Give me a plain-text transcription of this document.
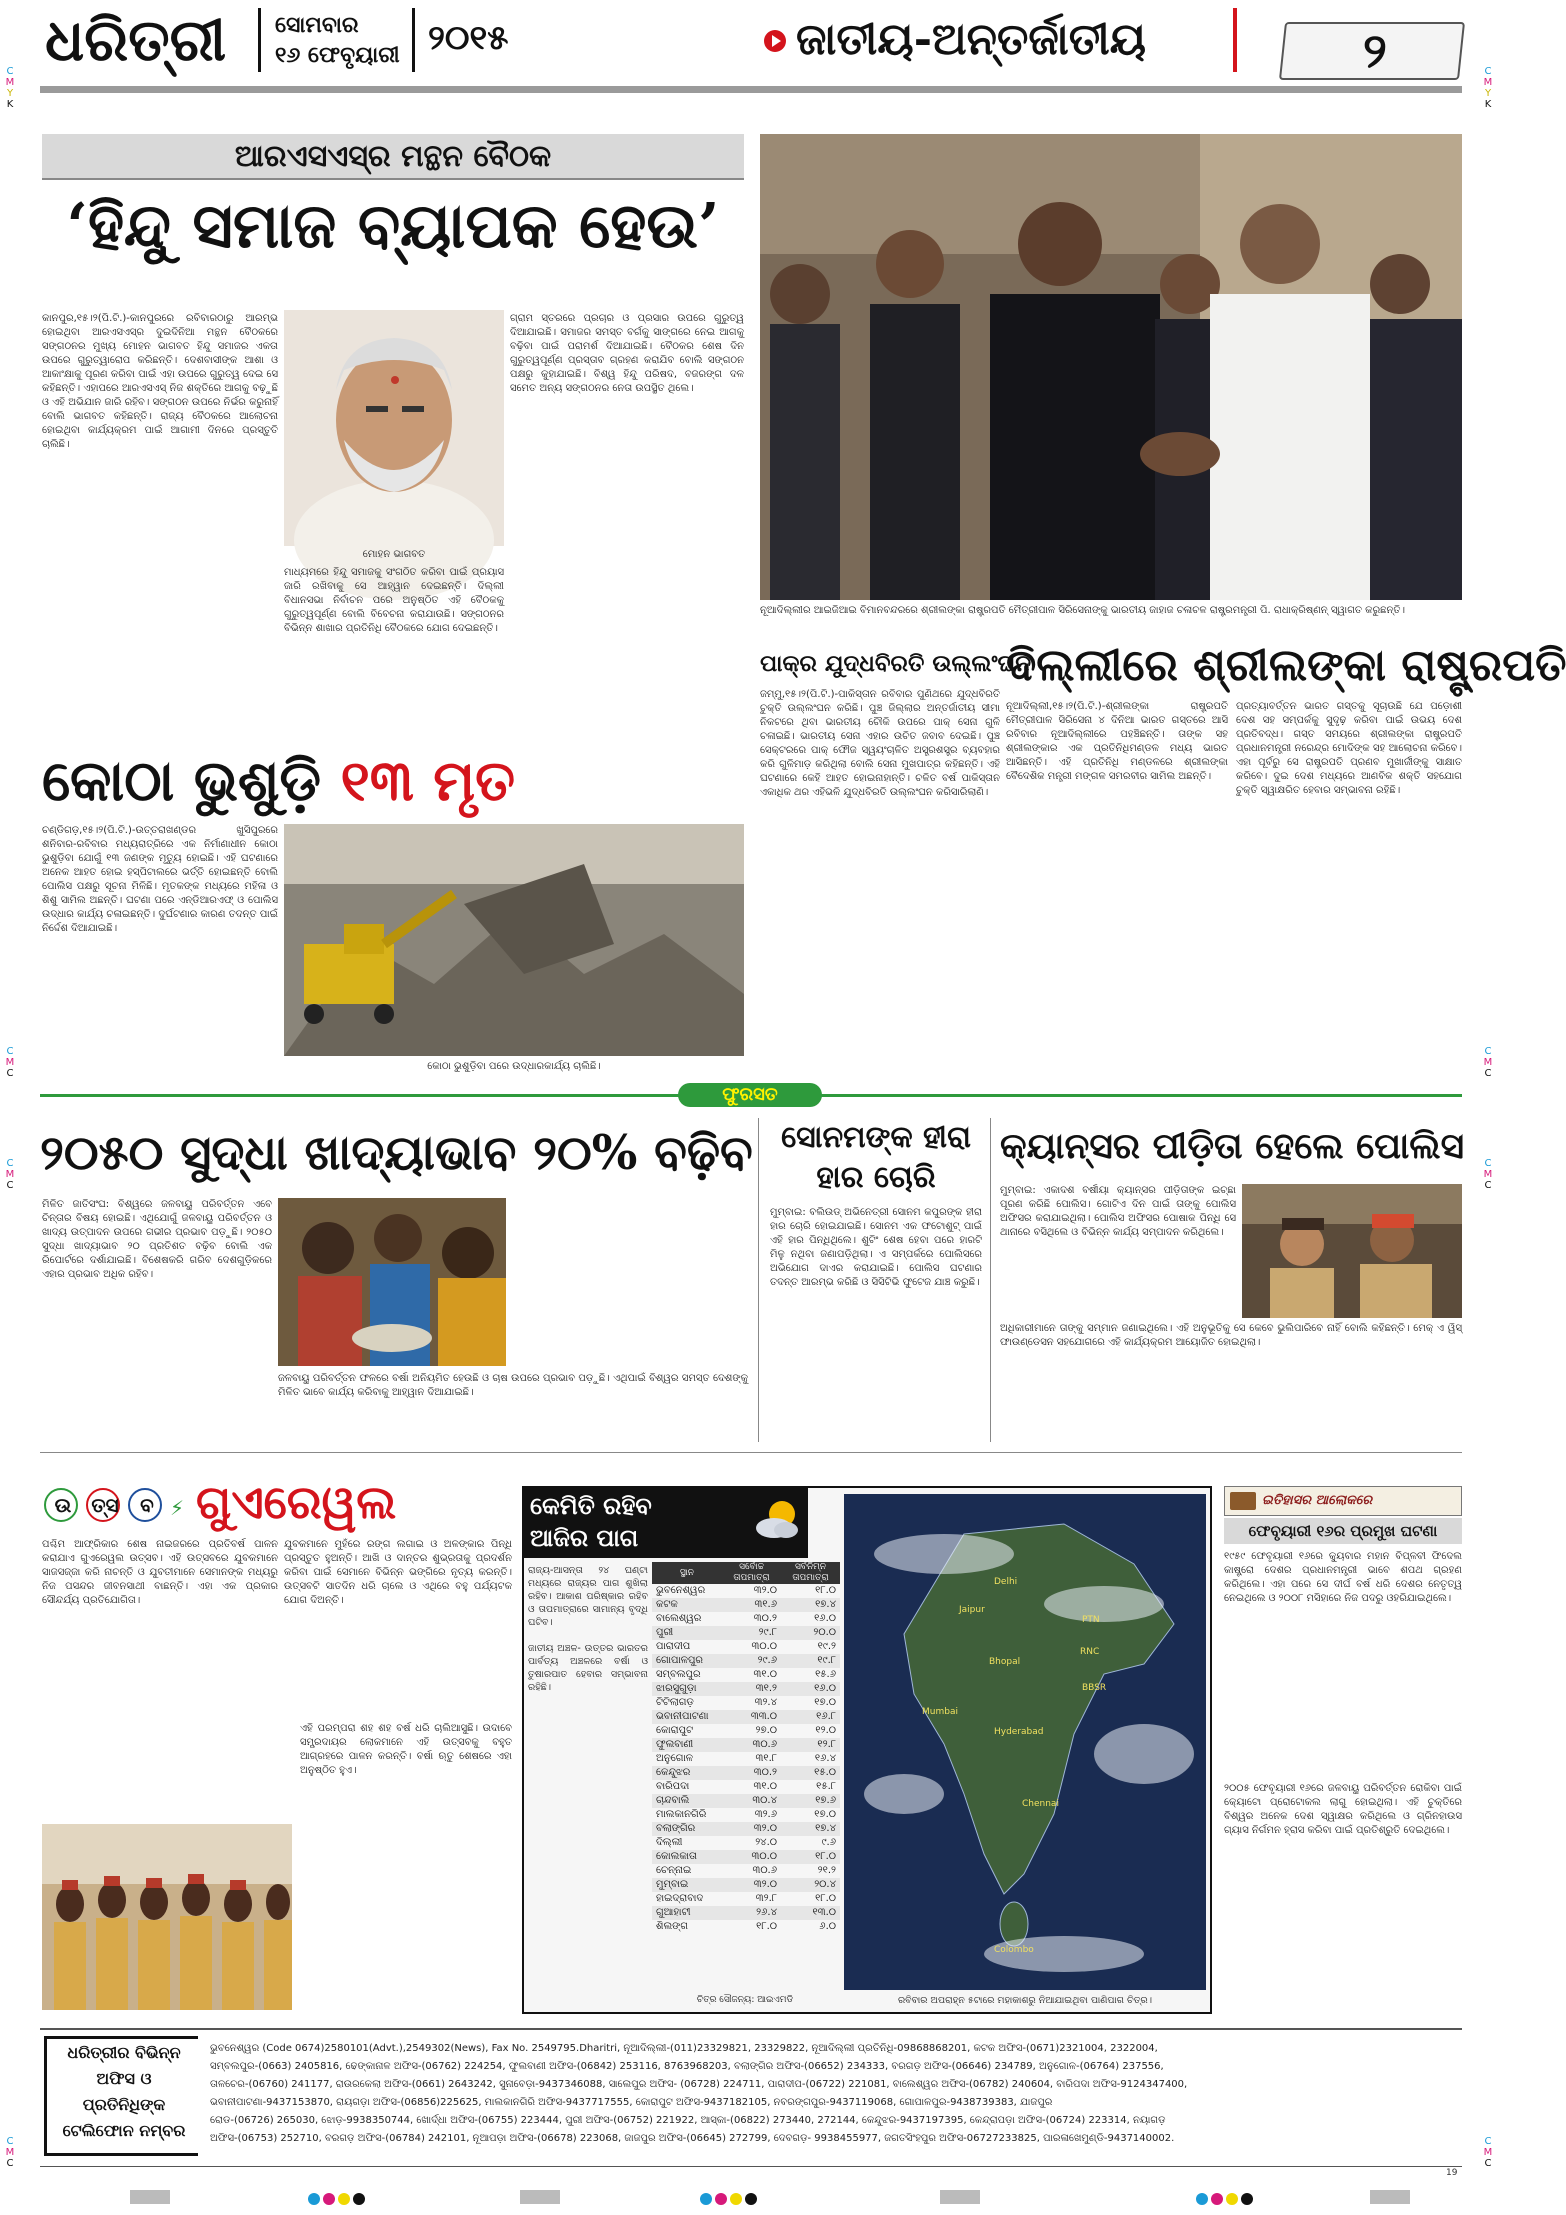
ଧରିତ୍ରୀ ସୋମବାର
୧୬ ଫେବୃୟାରୀ ୨୦୧୫	ଜାତୀୟ-ଅନ୍ତର୍ଜାତୀୟ	୨
C
M
Y
K
C
M
Y
K
C
M
C
C
M
C
C
M
C
C
M
C
C
M
C
C
M
C
ଆରଏସଏସ୍‌ର ମନ୍ଥନ ବୈଠକ
‘ହିନ୍ଦୁ ସମାଜ ବ୍ୟାପକ ହେଉ’
କାନପୁର,୧୫।୨(ପି.ଟି.)-କାନପୁରରେ ରବିବାରଠାରୁ ଆରମ୍ଭ ହୋଇଥିବା ଆରଏସଏସ୍‌ର ଦୁଇଦିନିଆ ମନ୍ଥନ ବୈଠକରେ ସଙ୍ଗଠନର ମୁଖ୍ୟ ମୋହନ ଭାଗବତ ହିନ୍ଦୁ ସମାଜର ଏକତା ଉପରେ ଗୁରୁତ୍ୱାରୋପ କରିଛନ୍ତି। ଦେଶବାସୀଙ୍କ ଆଶା ଓ ଆକାଂକ୍ଷାକୁ ପୂରଣ କରିବା ପାଇଁ ଏହା ଉପରେ ଗୁରୁତ୍ୱ ଦେଇ ସେ କହିଛନ୍ତି। ଏହାପରେ ଆରଏସଏସ୍ ନିଜ ଶକ୍ତିରେ ଆଗକୁ ବଢ଼ୁଛି ଓ ଏହି ଅଭିଯାନ ଜାରି ରହିବ। ସଙ୍ଗଠନ ଉପରେ ନିର୍ଭର କରୁନାହିଁ ବୋଲି ଭାଗବତ କହିଛନ୍ତି। ରାଜ୍ୟ ବୈଠକରେ ଆଲୋଚନା ହୋଇଥିବା କାର୍ଯ୍ୟକ୍ରମ ପାଇଁ ଆଗାମୀ ଦିନରେ ପ୍ରସ୍ତୁତି ଚାଲିଛି।
ମୋହନ ଭାଗବତ
ମାଧ୍ୟମରେ ହିନ୍ଦୁ ସମାଜକୁ ସଂଗଠିତ କରିବା ପାଇଁ ପ୍ରୟାସ ଜାରି ରଖିବାକୁ ସେ ଆହ୍ୱାନ ଦେଇଛନ୍ତି। ଦିଲ୍ଲୀ ବିଧାନସଭା ନିର୍ବାଚନ ପରେ ଅନୁଷ୍ଠିତ ଏହି ବୈଠକକୁ ଗୁରୁତ୍ୱପୂର୍ଣ୍ଣ ବୋଲି ବିବେଚନା କରାଯାଉଛି। ସଙ୍ଗଠନର ବିଭିନ୍ନ ଶାଖାର ପ୍ରତିନିଧି ବୈଠକରେ ଯୋଗ ଦେଇଛନ୍ତି।
ଗ୍ରାମ ସ୍ତରରେ ପ୍ରଚାର ଓ ପ୍ରସାର ଉପରେ ଗୁରୁତ୍ୱ ଦିଆଯାଇଛି। ସମାଜର ସମସ୍ତ ବର୍ଗକୁ ସାଙ୍ଗରେ ନେଇ ଆଗକୁ ବଢ଼ିବା ପାଇଁ ପରାମର୍ଶ ଦିଆଯାଇଛି। ବୈଠକର ଶେଷ ଦିନ ଗୁରୁତ୍ୱପୂର୍ଣ୍ଣ ପ୍ରସ୍ତାବ ଗ୍ରହଣ କରାଯିବ ବୋଲି ସଙ୍ଗଠନ ପକ୍ଷରୁ କୁହାଯାଇଛି। ବିଶ୍ୱ ହିନ୍ଦୁ ପରିଷଦ, ବଜରଙ୍ଗ ଦଳ ସମେତ ଅନ୍ୟ ସଙ୍ଗଠନର ନେତା ଉପସ୍ଥିତ ଥିଲେ।
ନୂଆଦିଲ୍ଲୀର ଆଇଜିଆଇ ବିମାନବନ୍ଦରରେ ଶ୍ରୀଲଙ୍କା ରାଷ୍ଟ୍ରପତି ମୈତ୍ରୀପାଳ ସିରିସେନାଙ୍କୁ ଭାରତୀୟ ଜାହାଜ ଚଳାଚଳ ରାଷ୍ଟ୍ରମନ୍ତ୍ରୀ ପି. ରାଧାକ୍ରିଷ୍ଣନ୍ ସ୍ୱାଗତ କରୁଛନ୍ତି।
ପାକ୍‌ର ଯୁଦ୍ଧବିରତି ଉଲ୍ଲଂଘନ
ଜମ୍ମୁ,୧୫।୨(ପି.ଟି.)-ପାକିସ୍ତାନ ରବିବାର ପୁଣିଥରେ ଯୁଦ୍ଧବିରତି ଚୁକ୍ତି ଉଲ୍ଲଂଘନ କରିଛି। ପୁଞ୍ଚ ଜିଲ୍ଲାର ଅନ୍ତର୍ଜାତୀୟ ସୀମା ନିକଟରେ ଥିବା ଭାରତୀୟ ଚୌକି ଉପରେ ପାକ୍ ସେନା ଗୁଳି ଚଳାଇଛି। ଭାରତୀୟ ସେନା ଏହାର ଉଚିତ ଜବାବ ଦେଇଛି। ପୁଞ୍ଚ ସେକ୍ଟରରେ ପାକ୍ ଫୌଜ ସ୍ୱୟଂଚାଳିତ ଅସ୍ତ୍ରଶସ୍ତ୍ର ବ୍ୟବହାର କରି ଗୁଳିମାଡ଼ କରିଥିଲା ବୋଲି ସେନା ମୁଖପାତ୍ର କହିଛନ୍ତି। ଏହି ଘଟଣାରେ କେହି ଆହତ ହୋଇନାହାନ୍ତି। ଚଳିତ ବର୍ଷ ପାକିସ୍ତାନ ଏକାଧିକ ଥର ଏହିଭଳି ଯୁଦ୍ଧବିରତି ଉଲ୍ଲଂଘନ କରିସାରିଲାଣି।
ଦିଲ୍ଲୀରେ ଶ୍ରୀଲଙ୍କା ରାଷ୍ଟ୍ରପତି
ନୂଆଦିଲ୍ଲୀ,୧୫।୨(ପି.ଟି.)-ଶ୍ରୀଲଙ୍କା ରାଷ୍ଟ୍ରପତି ମୈତ୍ରୀପାଳ ସିରିସେନା ୪ ଦିନିଆ ଭାରତ ଗସ୍ତରେ ଆସି ରବିବାର ନୂଆଦିଲ୍ଲୀରେ ପହଞ୍ଚିଛନ୍ତି। ତାଙ୍କ ସହ ଶ୍ରୀଲଙ୍କାର ଏକ ପ୍ରତିନିଧିମଣ୍ଡଳ ମଧ୍ୟ ଭାରତ ଆସିଛନ୍ତି। ଏହି ପ୍ରତିନିଧି ମଣ୍ଡଳରେ ଶ୍ରୀଲଙ୍କା ବୈଦେଶିକ ମନ୍ତ୍ରୀ ମଙ୍ଗଳ ସମରବୀର ସାମିଲ ଅଛନ୍ତି।
ପ୍ରତ୍ୟାବର୍ତ୍ତନ ଭାରତ ଗସ୍ତକୁ ସୂଚାଉଛି ଯେ ପଡ଼ୋଶୀ ଦେଶ ସହ ସମ୍ପର୍କକୁ ସୁଦୃଢ଼ କରିବା ପାଇଁ ଉଭୟ ଦେଶ ପ୍ରତିବଦ୍ଧ। ଗସ୍ତ ସମୟରେ ଶ୍ରୀଲଙ୍କା ରାଷ୍ଟ୍ରପତି ପ୍ରଧାନମନ୍ତ୍ରୀ ନରେନ୍ଦ୍ର ମୋଦିଙ୍କ ସହ ଆଲୋଚନା କରିବେ। ଏହା ପୂର୍ବରୁ ସେ ରାଷ୍ଟ୍ରପତି ପ୍ରଣବ ମୁଖାର୍ଜୀଙ୍କୁ ସାକ୍ଷାତ କରିବେ। ଦୁଇ ଦେଶ ମଧ୍ୟରେ ଆଣବିକ ଶକ୍ତି ସହଯୋଗ ଚୁକ୍ତି ସ୍ୱାକ୍ଷରିତ ହେବାର ସମ୍ଭାବନା ରହିଛି।
କୋଠା ଭୁଶୁଡ଼ି ୧୩ ମୃତ
ଚଣ୍ଡିଗଡ଼,୧୫।୨(ପି.ଟି.)-ଉତ୍ତରାଖଣ୍ଡର ଖୁସିପୁରରେ ଶନିବାର-ରବିବାର ମଧ୍ୟରାତ୍ରିରେ ଏକ ନିର୍ମାଣାଧୀନ କୋଠା ଭୁଶୁଡ଼ିବା ଯୋଗୁଁ ୧୩ ଜଣଙ୍କ ମୃତ୍ୟୁ ହୋଇଛି। ଏହି ଘଟଣାରେ ଅନେକ ଆହତ ହୋଇ ହସ୍ପିଟାଲରେ ଭର୍ତ୍ତି ହୋଇଛନ୍ତି ବୋଲି ପୋଲିସ ପକ୍ଷରୁ ସୂଚନା ମିଳିଛି। ମୃତକଙ୍କ ମଧ୍ୟରେ ମହିଳା ଓ ଶିଶୁ ସାମିଲ ଅଛନ୍ତି। ଘଟଣା ପରେ ଏନ୍‌ଡିଆରଏଫ୍ ଓ ପୋଲିସ ଉଦ୍ଧାର କାର୍ଯ୍ୟ ଚଳାଇଛନ୍ତି। ଦୁର୍ଘଟଣାର କାରଣ ତଦନ୍ତ ପାଇଁ ନିର୍ଦ୍ଦେଶ ଦିଆଯାଇଛି।
କୋଠା ଭୁଶୁଡ଼ିବା ପରେ ଉଦ୍ଧାରକାର୍ଯ୍ୟ ଚାଲିଛି।
ଫୁରସତ
୨୦୫୦ ସୁଦ୍ଧା ଖାଦ୍ୟାଭାବ ୨୦% ବଢ଼ିବ
ମିଳିତ ଜାତିସଂଘ: ବିଶ୍ୱରେ ଜଳବାୟୁ ପରିବର୍ତ୍ତନ ଏବେ ଚିନ୍ତାର ବିଷୟ ହୋଇଛି। ଏଥିଯୋଗୁଁ ଜଳବାୟୁ ପରିବର୍ତ୍ତନ ଓ ଖାଦ୍ୟ ଉତ୍ପାଦନ ଉପରେ ଗଭୀର ପ୍ରଭାବ ପଡ଼ୁଛି। ୨୦୫୦ ସୁଦ୍ଧା ଖାଦ୍ୟାଭାବ ୨୦ ପ୍ରତିଶତ ବଢ଼ିବ ବୋଲି ଏକ ରିପୋର୍ଟରେ ଦର୍ଶାଯାଇଛି। ବିଶେଷକରି ଗରିବ ଦେଶଗୁଡ଼ିକରେ ଏହାର ପ୍ରଭାବ ଅଧିକ ରହିବ।
ଜଳବାୟୁ ପରିବର୍ତ୍ତନ ଫଳରେ ବର୍ଷା ଅନିୟମିତ ହେଉଛି ଓ ଚାଷ ଉପରେ ପ୍ରଭାବ ପଡ଼ୁଛି। ଏଥିପାଇଁ ବିଶ୍ୱର ସମସ୍ତ ଦେଶଙ୍କୁ ମିଳିତ ଭାବେ କାର୍ଯ୍ୟ କରିବାକୁ ଆହ୍ୱାନ ଦିଆଯାଇଛି।
ସୋନମଙ୍କ ହୀରା ହାର ଚୋରି
ମୁମ୍ବାଇ: ବଲିଉଡ୍ ଅଭିନେତ୍ରୀ ସୋନମ କପୁରଙ୍କ ହୀରା ହାର ଚୋରି ହୋଇଯାଇଛି। ସୋନମ ଏକ ଫଟୋଶୁଟ୍ ପାଇଁ ଏହି ହାର ପିନ୍ଧିଥିଲେ। ଶୁଟିଂ ଶେଷ ହେବା ପରେ ହାରଟି ମିଳୁ ନଥିବା ଜଣାପଡ଼ିଥିଲା। ଏ ସମ୍ପର୍କରେ ପୋଲିସରେ ଅଭିଯୋଗ ଦାଏର କରାଯାଇଛି। ପୋଲିସ ଘଟଣାର ତଦନ୍ତ ଆରମ୍ଭ କରିଛି ଓ ସିସିଟିଭି ଫୁଟେଜ ଯାଞ୍ଚ କରୁଛି।
କ୍ୟାନ୍‌ସର ପୀଡ଼ିତା ହେଲେ ପୋଲିସ
ମୁମ୍ବାଇ: ଏକାଦଶ ବର୍ଷୀୟା କ୍ୟାନ୍‌ସର ପୀଡ଼ିତାଙ୍କ ଇଚ୍ଛା ପୂରଣ କରିଛି ପୋଲିସ। ଗୋଟିଏ ଦିନ ପାଇଁ ତାଙ୍କୁ ପୋଲିସ ଅଫିସର କରାଯାଇଥିଲା। ପୋଲିସ ଅଫିସର ପୋଷାକ ପିନ୍ଧି ସେ ଥାନାରେ ବସିଥିଲେ ଓ ବିଭିନ୍ନ କାର୍ଯ୍ୟ ସମ୍ପାଦନ କରିଥିଲେ।
ଅଧିକାରୀମାନେ ତାଙ୍କୁ ସମ୍ମାନ ଜଣାଇଥିଲେ। ଏହି ଅନୁଭୂତିକୁ ସେ କେବେ ଭୁଲିପାରିବେ ନାହିଁ ବୋଲି କହିଛନ୍ତି। ମେକ୍ ଏ ୱିସ୍ ଫାଉଣ୍ଡେସନ ସହଯୋଗରେ ଏହି କାର୍ଯ୍ୟକ୍ରମ ଆୟୋଜିତ ହୋଇଥିଲା।
ଉ	ତ୍ସ	ବ ⚡ ଗୁଏରେୱଲ
ପଶ୍ଚିମ ଆଫ୍ରିକାର ଶେଷ ନାଇଜରରେ ପ୍ରତିବର୍ଷ ପାଳନ କରାଯାଏ ଗୁଏରେୱଲ ଉତ୍ସବ। ଏହି ଉତ୍ସବରେ ଯୁବକମାନେ ସାଜସଜ୍ଜା କରି ନାଚନ୍ତି ଓ ଯୁବତୀମାନେ ସେମାନଙ୍କ ମଧ୍ୟରୁ ନିଜ ପସନ୍ଦର ଜୀବନସାଥୀ ବାଛନ୍ତି। ଏହା ଏକ ପ୍ରକାର ସୌନ୍ଦର୍ଯ୍ୟ ପ୍ରତିଯୋଗିତା।
ଯୁବକମାନେ ମୁହଁରେ ରଙ୍ଗ ଲଗାଇ ଓ ଅଳଙ୍କାର ପିନ୍ଧି ପ୍ରସ୍ତୁତ ହୁଅନ୍ତି। ଆଖି ଓ ଦାନ୍ତର ଶୁଭ୍ରତାକୁ ପ୍ରଦର୍ଶନ କରିବା ପାଇଁ ସେମାନେ ବିଭିନ୍ନ ଭଙ୍ଗିରେ ନୃତ୍ୟ କରନ୍ତି। ଉତ୍ସବଟି ସାତଦିନ ଧରି ଚାଲେ ଓ ଏଥିରେ ବହୁ ପର୍ଯ୍ୟଟକ ଯୋଗ ଦିଅନ୍ତି।
ଏହି ପରମ୍ପରା ଶହ ଶହ ବର୍ଷ ଧରି ଚାଲିଆସୁଛି। ଉଦାବେ ସମ୍ପ୍ରଦାୟର ଲୋକମାନେ ଏହି ଉତ୍ସବକୁ ବହୁତ ଆଗ୍ରହରେ ପାଳନ କରନ୍ତି। ବର୍ଷା ଋତୁ ଶେଷରେ ଏହା ଅନୁଷ୍ଠିତ ହୁଏ।
କେମିତି ରହିବ
ଆଜିର ପାଗ
ରାଜ୍ୟ-ଆସନ୍ତା ୨୪ ଘଣ୍ଟା ମଧ୍ୟରେ ରାଜ୍ୟର ପାଗ ଶୁଖିଲା ରହିବ। ଆକାଶ ପରିଷ୍କାର ରହିବ ଓ ତାପମାତ୍ରାରେ ସାମାନ୍ୟ ବୃଦ୍ଧି ଘଟିବ।

ଜାତୀୟ ଅଞ୍ଚଳ- ଉତ୍ତର ଭାରତର ପାର୍ବତ୍ୟ ଅଞ୍ଚଳରେ ବର୍ଷା ଓ ତୁଷାରପାତ ହେବାର ସମ୍ଭାବନା ରହିଛି।
ସ୍ଥାନ	ସର୍ବୋଚ୍ଚ ତାପମାତ୍ରା	ସର୍ବନିମ୍ନ ତାପମାତ୍ରା
ଭୁବନେଶ୍ୱର	୩୨.୦	୧୮.୦
କଟକ	୩୧.୬	୧୭.୪
ବାଲେଶ୍ୱର	୩୦.୨	୧୬.୦
ପୁରୀ	୨୯.୮	୨୦.୦
ପାରାଦୀପ	୩୦.୦	୧୯.୨
ଗୋପାଳପୁର	୨୯.୬	୧୯.୮
ସମ୍ବଲପୁର	୩୧.୦	୧୫.୬
ଝାରସୁଗୁଡ଼ା	୩୧.୨	୧୬.୦
ଟିଟିଲାଗଡ଼	୩୨.୪	୧୭.୦
ଭବାନୀପାଟଣା	୩୩.୦	୧୬.୮
କୋରାପୁଟ	୨୭.୦	୧୨.୦
ଫୁଲବାଣୀ	୩୦.୬	୧୨.୮
ଅନୁଗୋଳ	୩୧.୮	୧୬.୪
କେନ୍ଦୁଝର	୩୦.୨	୧୫.୦
ବାରିପଦା	୩୧.୦	୧୫.୮
ଚାନ୍ଦବାଲି	୩୦.୪	୧୭.୬
ମାଲକାନଗିରି	୩୨.୬	୧୭.୦
ବଲାଙ୍ଗିର	୩୨.୦	୧୭.୪
ଦିଲ୍ଲୀ	୨୪.୦	୯.୬
କୋଲକାତା	୩୦.୦	୧୮.୦
ଚେନ୍ନାଇ	୩୦.୬	୨୧.୨
ମୁମ୍ବାଇ	୩୨.୦	୨୦.୪
ହାଇଦ୍ରାବାଦ	୩୨.୮	୧୮.୦
ଗୁଆହାଟୀ	୨୬.୪	୧୩.୦
ଶିଲଙ୍ଗ	୧୮.୦	୬.୦
ଚିତ୍ର ସୌଜନ୍ୟ: ଆଇଏମଡି
Delhi
Jaipur
Bhopal
PTN
RNC
Mumbai
Hyderabad
Chennai
Colombo
BBSR
ରବିବାର ଅପରାହ୍ନ ୫ଟାରେ ମହାକାଶରୁ ନିଆଯାଇଥିବା ପାଣିପାଗ ଚିତ୍ର।
ଇତିହାସର ଆଲୋକରେ
ଫେବୃୟାରୀ ୧୬ର ପ୍ରମୁଖ ଘଟଣା
୧୯୫୯ ଫେବୃୟାରୀ ୧୬ରେ କ୍ୟୁବାର ମହାନ ବିପ୍ଳବୀ ଫିଦେଲ କାଷ୍ଟ୍ରୋ ଦେଶର ପ୍ରଧାନମନ୍ତ୍ରୀ ଭାବେ ଶପଥ ଗ୍ରହଣ କରିଥିଲେ। ଏହା ପରେ ସେ ଦୀର୍ଘ ବର୍ଷ ଧରି ଦେଶର ନେତୃତ୍ୱ ନେଇଥିଲେ ଓ ୨୦୦୮ ମସିହାରେ ନିଜ ପଦରୁ ଓହରିଯାଇଥିଲେ।
୨୦୦୫ ଫେବୃୟାରୀ ୧୬ରେ ଜଳବାୟୁ ପରିବର୍ତ୍ତନ ରୋକିବା ପାଇଁ କ୍ୟୋଟୋ ପ୍ରୋଟୋକଲ ଲାଗୁ ହୋଇଥିଲା। ଏହି ଚୁକ୍ତିରେ ବିଶ୍ୱର ଅନେକ ଦେଶ ସ୍ୱାକ୍ଷର କରିଥିଲେ ଓ ଗ୍ରିନହାଉସ ଗ୍ୟାସ ନିର୍ଗମନ ହ୍ରାସ କରିବା ପାଇଁ ପ୍ରତିଶ୍ରୁତି ଦେଇଥିଲେ।
ଧରିତ୍ରୀର ବିଭିନ୍ନ ଅଫିସ ଓ ପ୍ରତିନିଧିଙ୍କ ଟେଲିଫୋନ ନମ୍ବର
ଭୁବନେଶ୍ୱର (Code 0674)2580101(Advt.),2549302(News), Fax No. 2549795.Dharitri, ନୂଆଦିଲ୍ଲୀ-(011)23329821, 23329822, ନୂଆଦିଲ୍ଲୀ ପ୍ରତିନିଧି-09868868201, କଟକ ଅଫିସ-(0671)2321004, 2322004,
ସମ୍ବଲପୁର-(0663) 2405816, ଢେଙ୍କାନାଳ ଅଫିସ-(06762) 224254, ଫୁଲବାଣୀ ଅଫିସ-(06842) 253116, 8763968203, ବଲାଙ୍ଗିର ଅଫିସ-(06652) 234333, ବରଗଡ଼ ଅଫିସ-(06646) 234789, ଅନୁଗୋଳ-(06764) 237556,
ତାଳଚେର-(06760) 241177, ରାଉରକେଲା ଅଫିସ-(0661) 2643242, ସୁନାବେଡ଼ା-9437346088, ସାଲେପୁର ଅଫିସ- (06728) 224711, ପାରାଦୀପ-(06722) 221081, ବାଲେଶ୍ୱର ଅଫିସ-(06782) 240604, ବାରିପଦା ଅଫିସ-9124347400,
ଭବାନୀପାଟଣା-9437153870, ରାୟଗଡ଼ା ଅଫିସ-(06856)225625, ମାଲକାନଗିରି ଅଫିସ-9437717555, କୋରାପୁଟ ଅଫିସ-9437182105, ନବରଙ୍ଗପୁର-9437119068, ଗୋପାଳପୁର-9438739383, ଯାଜପୁର
ରୋଡ-(06726) 265030, ଝୋଡ଼-9938350744, ଖୋର୍ଦ୍ଧା ଅଫିସ-(06755) 223444, ପୁରୀ ଅଫିସ-(06752) 221922, ଆସ୍କା-(06822) 273440, 272144, କେନ୍ଦୁଝର-9437197395, କେନ୍ଦ୍ରାପଡ଼ା ଅଫିସ-(06724) 223314, ନୟାଗଡ଼
ଅଫିସ-(06753) 252710, ବରଗଡ଼ ଅଫିସ-(06784) 242101, ନୂଆପଡ଼ା ଅଫିସ-(06678) 223068, ଜାଜପୁର ଅଫିସ-(06645) 272799, ଦେବଗଡ଼- 9938455977, ଜଗତସିଂହପୁର ଅଫିସ-06727233825, ପାରଳାଖେମୁଣ୍ଡି-9437140002.
19
